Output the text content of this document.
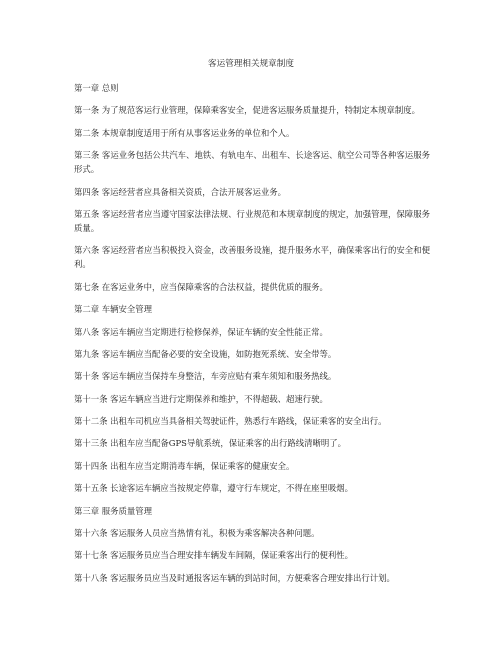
客运管理相关规章制度

第一章 总则

第一条 为了规范客运行业管理，保障乘客安全，促进客运服务质量提升，特制定本规章制度。

第二条 本规章制度适用于所有从事客运业务的单位和个人。

第三条 客运业务包括公共汽车、地铁、有轨电车、出租车、长途客运、航空公司等各种客运服务形式。

第四条 客运经营者应具备相关资质，合法开展客运业务。

第五条 客运经营者应当遵守国家法律法规、行业规范和本规章制度的规定，加强管理，保障服务质量。

第六条 客运经营者应当积极投入资金，改善服务设施，提升服务水平，确保乘客出行的安全和便利。

第七条 在客运业务中，应当保障乘客的合法权益，提供优质的服务。

第二章 车辆安全管理

第八条 客运车辆应当定期进行检修保养，保证车辆的安全性能正常。

第九条 客运车辆应当配备必要的安全设施，如防抱死系统、安全带等。

第十条 客运车辆应当保持车身整洁，车旁应贴有乘车须知和服务热线。

第十一条 客运车辆应当进行定期保养和维护，不得超载、超速行驶。

第十二条 出租车司机应当具备相关驾驶证件，熟悉行车路线，保证乘客的安全出行。

第十三条 出租车应当配备GPS导航系统，保证乘客的出行路线清晰明了。

第十四条 出租车应当定期消毒车辆，保证乘客的健康安全。

第十五条 长途客运车辆应当按规定停靠，遵守行车规定，不得在座里吸烟。

第三章 服务质量管理

第十六条 客运服务人员应当热情有礼，积极为乘客解决各种问题。

第十七条 客运服务员应当合理安排车辆发车间隔，保证乘客出行的便利性。

第十八条 客运服务员应当及时通报客运车辆的到站时间，方便乘客合理安排出行计划。
